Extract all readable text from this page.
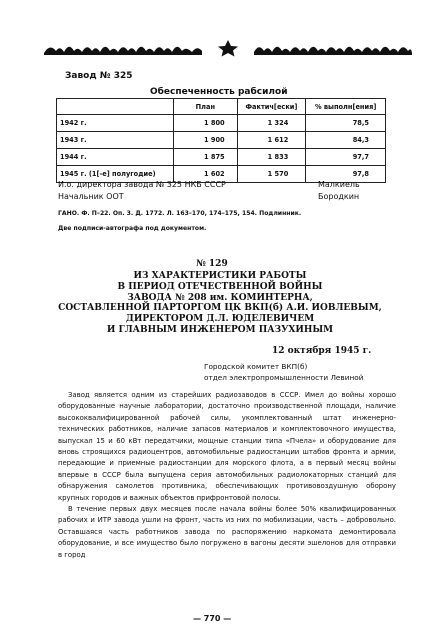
Завод № 325
Обеспеченность рабсилой
	План	Фактич[ески]	% выполн[ения]
1942 г.	1 800	1 324	78,5
1943 г.	1 900	1 612	84,3
1944 г.	1 875	1 833	97,7
1945 г. (1[-е] полугодие)	1 602	1 570	97,8
И.о. директора завода № 325 НКБ СССР	Малкиель
Начальник ООТ	Бородкин
ГАНО. Ф. П–22. Оп. 3. Д. 1772. Л. 163–170, 174–175, 154. Подлинник.
Две подписи-автографа под документом.
№ 129
ИЗ ХАРАКТЕРИСТИКИ РАБОТЫ
В ПЕРИОД ОТЕЧЕСТВЕННОЙ ВОЙНЫ
ЗАВОДА № 208 им. КОМИНТЕРНА,
СОСТАВЛЕННОЙ ПАРТОРГОМ ЦК ВКП(б) А.И. ИОВЛЕВЫМ,
ДИРЕКТОРОМ Д.Л. ЮДЕЛЕВИЧЕМ
И ГЛАВНЫМ ИНЖЕНЕРОМ ПАЗУХИНЫМ
12 октября 1945 г.
Городской комитет ВКП(б)
отдел электропромышленности Левиной

Завод является одним из старейших радиозаводов в СССР. Имел до войны хорошо оборудованные научные лаборатории, достаточно производственной площади, наличие высококвалифицированной рабочей силы, укомплектованный штат инженерно-технических работников, наличие запасов материалов и комплектовочного имущества, выпускал 15 и 60 кВт передатчики, мощные станции типа «Пчела» и оборудование для вновь строящихся радиоцентров, автомобильные радиостанции штабов фронта и армии, передающие и приемные радиостанции для морского флота, а в первый месяц войны впервые в СССР была выпущена серия автомобильных радиолокаторных станций для обнаружения самолетов противника, обеспечивающих противовоздушную оборону крупных городов и важных объектов прифронтовой полосы.

В течение первых двух месяцев после начала войны более 50% квалифицированных рабочих и ИТР завода ушли на фронт, часть из них по мобилизации, часть – добровольно. Оставшаяся часть работников завода по распоряжению наркомата демонтировала оборудование, и все имущество было погружено в вагоны десяти эшелонов для отправки в город

— 770 —
